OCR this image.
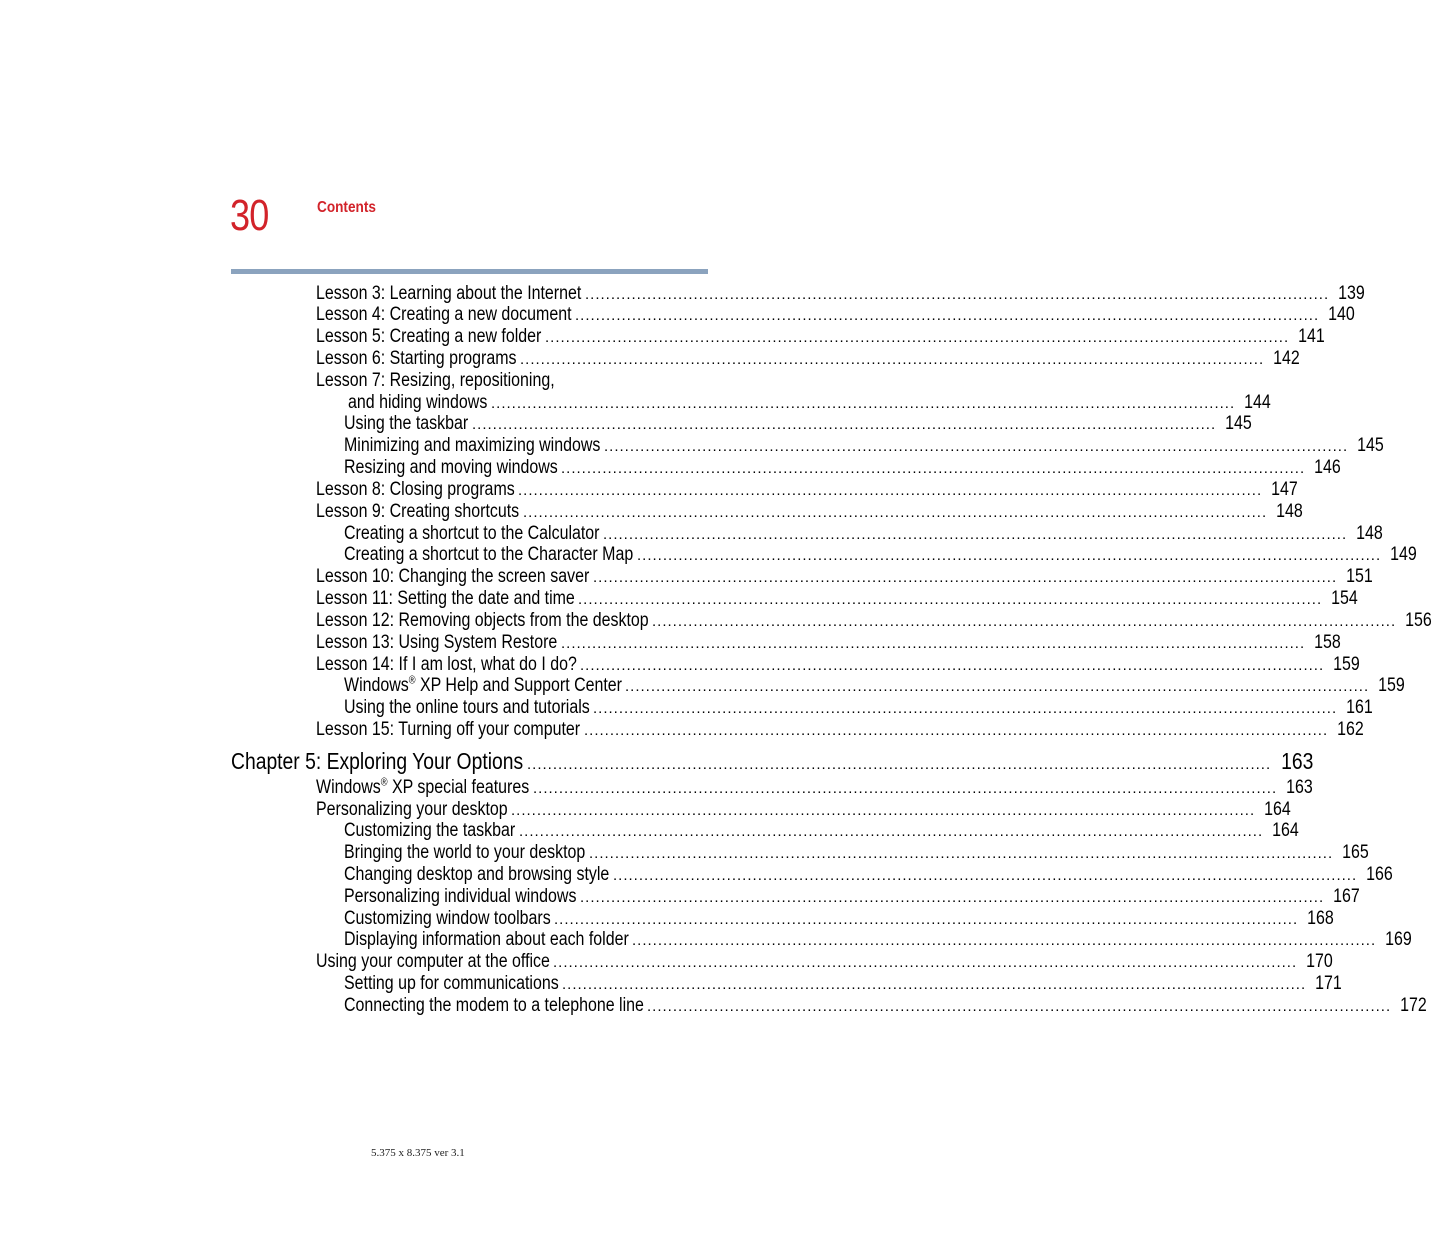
30	Contents
Lesson 3: Learning about the Internet .....	139
Lesson 4: Creating a new document .....	140
Lesson 5: Creating a new folder .....	141
Lesson 6: Starting programs .....	142
Lesson 7: Resizing, repositioning,
and hiding windows .....	144
Using the taskbar .....	145
Minimizing and maximizing windows .....	145
Resizing and moving windows .....	146
Lesson 8: Closing programs .....	147
Lesson 9: Creating shortcuts .....	148
Creating a shortcut to the Calculator .....	148
Creating a shortcut to the Character Map .....	149
Lesson 10: Changing the screen saver .....	151
Lesson 11: Setting the date and time .....	154
Lesson 12: Removing objects from the desktop .....	156
Lesson 13: Using System Restore .....	158
Lesson 14: If I am lost, what do I do? .....	159
Windows® XP Help and Support Center .....	159
Using the online tours and tutorials .....	161
Lesson 15: Turning off your computer .....	162
Chapter 5: Exploring Your Options .....	163
Windows® XP special features .....	163
Personalizing your desktop .....	164
Customizing the taskbar .....	164
Bringing the world to your desktop .....	165
Changing desktop and browsing style .....	166
Personalizing individual windows .....	167
Customizing window toolbars .....	168
Displaying information about each folder .....	169
Using your computer at the office .....	170
Setting up for communications .....	171
Connecting the modem to a telephone line .....	172
5.375 x 8.375 ver 3.1
